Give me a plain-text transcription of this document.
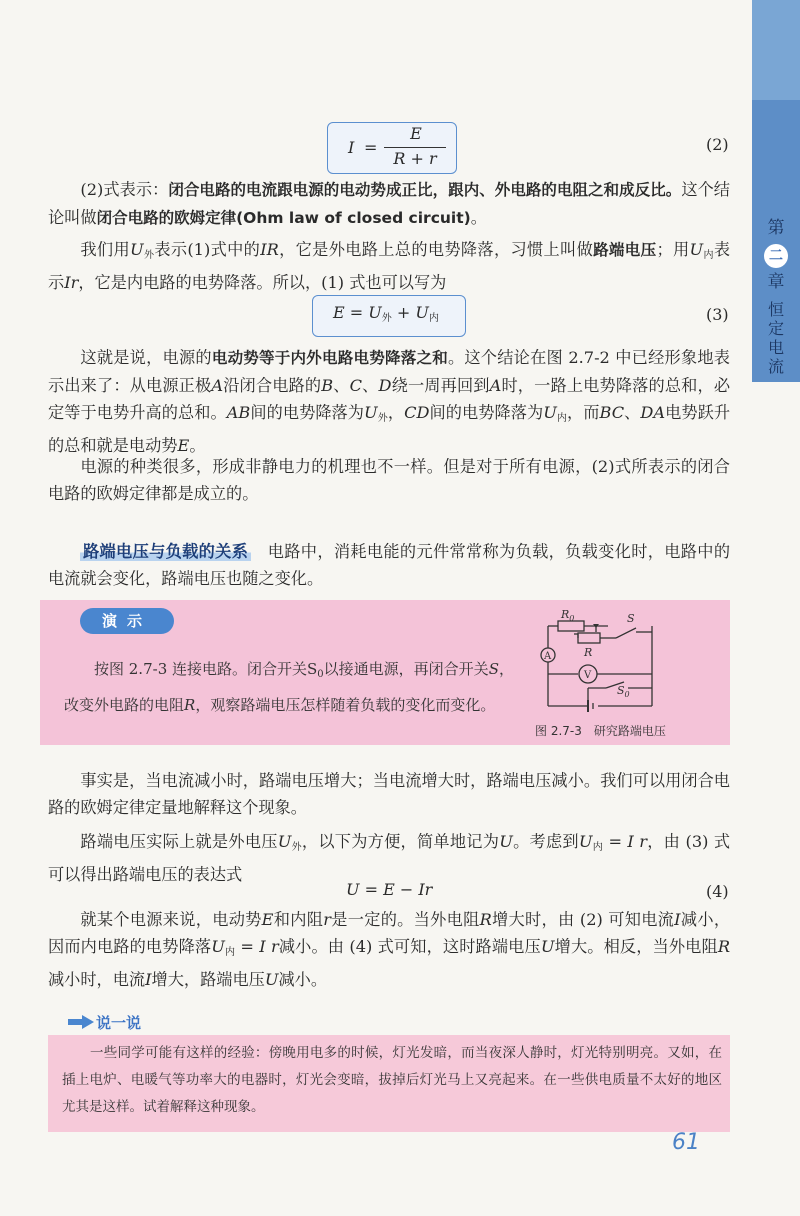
第
二
章
恒定电流
I =
E
R + r
(2)
(2)式表示：闭合电路的电流跟电源的电动势成正比，跟内、外电路的电阻之和成反比。这个结论叫做闭合电路的欧姆定律(Ohm law of closed circuit)。
我们用$U_外$表示(1)式中的IR，它是外电路上总的电势降落，习惯上叫做路端电压；用$U_内$表示Ir，它是内电路的电势降落。所以，(1) 式也可以写为
$E = U_外 + U_内$	(3)
这就是说，电源的电动势等于内外电路电势降落之和。这个结论在图 2.7-2 中已经形象地表示出来了：从电源正极A沿闭合电路的B、C、D绕一周再回到A时，一路上电势降落的总和，必定等于电势升高的总和。AB间的电势降落为$U_外$，CD间的电势降落为$U_内$，而BC、DA电势跃升的总和就是电动势E。
电源的种类很多，形成非静电力的机理也不一样。但是对于所有电源，(2)式所表示的闭合电路的欧姆定律都是成立的。
路端电压与负载的关系　 电路中，消耗电能的元件常常称为负载，负载变化时，电路中的电流就会变化，路端电压也随之变化。
演示
按图 2.7-3 连接电路。闭合开关$S_0$以接通电源，再闭合开关S，改变外电路的电阻R，观察路端电压怎样随着负载的变化而变化。
$R_0$
R
S
A
V
$S_0$
图 2.7-3　研究路端电压
事实是，当电流减小时，路端电压增大；当电流增大时，路端电压减小。我们可以用闭合电路的欧姆定律定量地解释这个现象。
路端电压实际上就是外电压$U_外$，以下为方便，简单地记为U。考虑到$U_内 = I$ r，由 (3) 式可以得出路端电压的表达式
U = E − Ir	(4)
就某个电源来说，电动势E和内阻r是一定的。当外电阻R增大时，由 (2) 可知电流I减小，因而内电路的电势降落$U_内 = I$ r减小。由 (4) 式可知，这时路端电压U增大。相反，当外电阻R减小时，电流I增大，路端电压U减小。
说一说
一些同学可能有这样的经验：傍晚用电多的时候，灯光发暗，而当夜深人静时，灯光特别明亮。又如，在插上电炉、电暖气等功率大的电器时，灯光会变暗，拔掉后灯光马上又亮起来。在一些供电质量不太好的地区尤其是这样。试着解释这种现象。
61
